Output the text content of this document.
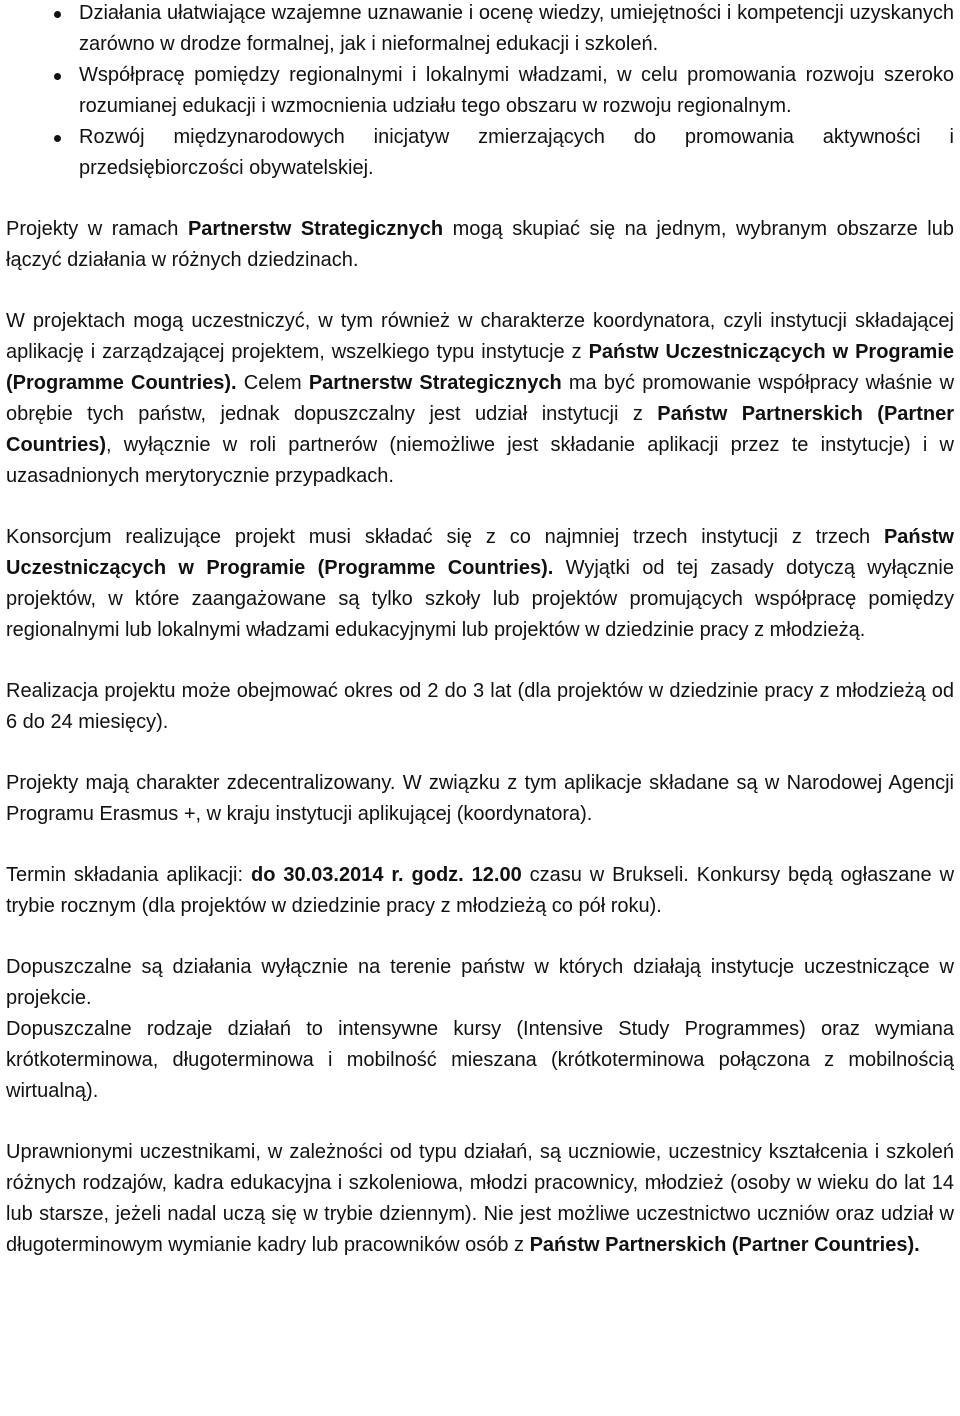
Działania ułatwiające wzajemne uznawanie i ocenę wiedzy, umiejętności i kompetencji uzyskanych zarówno w drodze formalnej, jak i nieformalnej edukacji i szkoleń.
Współpracę pomiędzy regionalnymi i lokalnymi władzami, w celu promowania rozwoju szeroko rozumianej edukacji i wzmocnienia udziału tego obszaru w rozwoju regionalnym.
Rozwój międzynarodowych inicjatyw zmierzających do promowania aktywności i przedsiębiorczości obywatelskiej.

Projekty w ramach Partnerstw Strategicznych mogą skupiać się na jednym, wybranym obszarze lub łączyć działania w różnych dziedzinach.

W projektach mogą uczestniczyć, w tym również w charakterze koordynatora, czyli instytucji składającej aplikację i zarządzającej projektem, wszelkiego typu instytucje z Państw Uczestniczących w Programie (Programme Countries). Celem Partnerstw Strategicznych ma być promowanie współpracy właśnie w obrębie tych państw, jednak dopuszczalny jest udział instytucji z Państw Partnerskich (Partner Countries), wyłącznie w roli partnerów (niemożliwe jest składanie aplikacji przez te instytucje) i w uzasadnionych merytorycznie przypadkach.

Konsorcjum realizujące projekt musi składać się z co najmniej trzech instytucji z trzech Państw Uczestniczących w Programie (Programme Countries). Wyjątki od tej zasady dotyczą wyłącznie projektów, w które zaangażowane są tylko szkoły lub projektów promujących współpracę pomiędzy regionalnymi lub lokalnymi władzami edukacyjnymi lub projektów w dziedzinie pracy z młodzieżą.

Realizacja projektu może obejmować okres od 2 do 3 lat (dla projektów w dziedzinie pracy z młodzieżą od 6 do 24 miesięcy).

Projekty mają charakter zdecentralizowany. W związku z tym aplikacje składane są w Narodowej Agencji Programu Erasmus +, w kraju instytucji aplikującej (koordynatora).

Termin składania aplikacji: do 30.03.2014 r. godz. 12.00 czasu w Brukseli. Konkursy będą ogłaszane w trybie rocznym (dla projektów w dziedzinie pracy z młodzieżą co pół roku).

Dopuszczalne są działania wyłącznie na terenie państw w których działają instytucje uczestniczące w projekcie.

Dopuszczalne rodzaje działań to intensywne kursy (Intensive Study Programmes) oraz wymiana krótkoterminowa, długoterminowa i mobilność mieszana (krótkoterminowa połączona z mobilnością wirtualną).

Uprawnionymi uczestnikami, w zależności od typu działań, są uczniowie, uczestnicy kształcenia i szkoleń różnych rodzajów, kadra edukacyjna i szkoleniowa, młodzi pracownicy, młodzież (osoby w wieku do lat 14 lub starsze, jeżeli nadal uczą się w trybie dziennym). Nie jest możliwe uczestnictwo uczniów oraz udział w długoterminowym wymianie kadry lub pracowników osób z Państw Partnerskich (Partner Countries).
